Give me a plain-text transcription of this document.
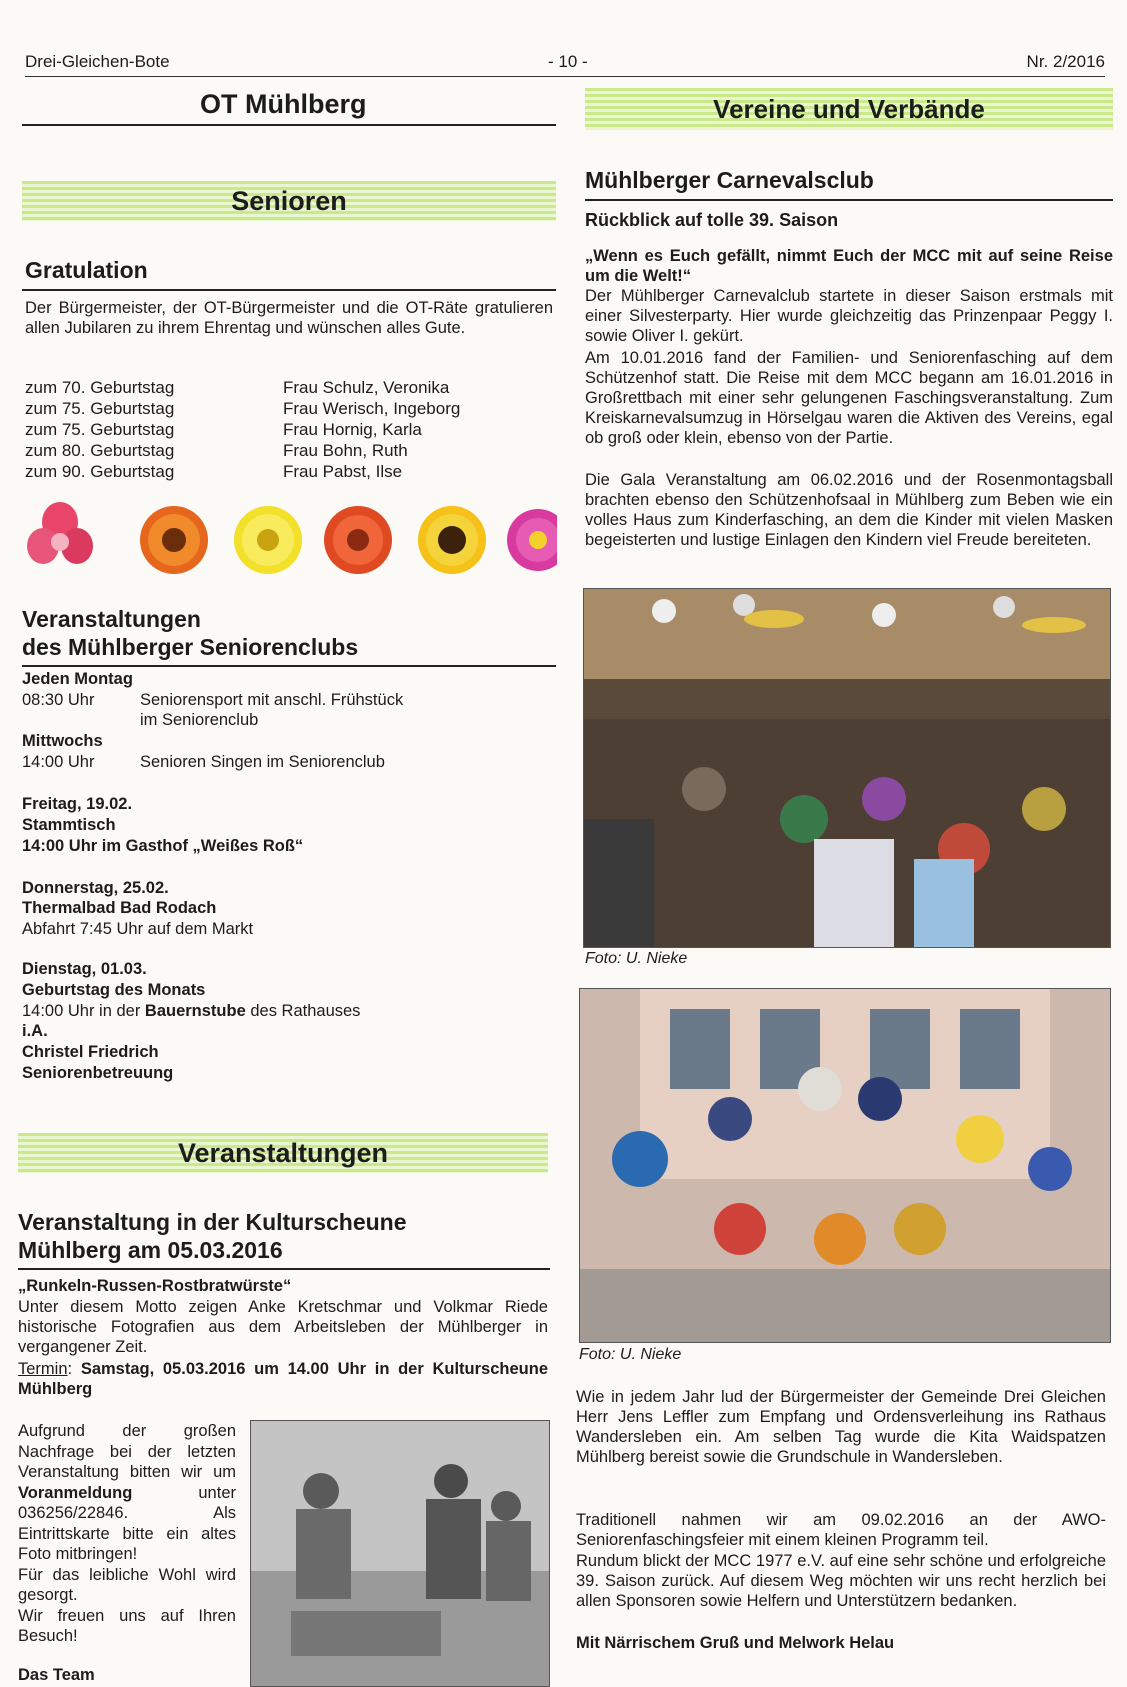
Drei-Gleichen-Bote	- 10 -	Nr. 2/2016
OT Mühlberg
Senioren
Gratulation
Der Bürgermeister, der OT-Bürgermeister und die OT-Räte gratulieren allen Jubilaren zu ihrem Ehrentag und wünschen alles Gute.
zum 70. Geburtstag	Frau Schulz, Veronika
zum 75. Geburtstag	Frau Werisch, Ingeborg
zum 75. Geburtstag	Frau Hornig, Karla
zum 80. Geburtstag	Frau Bohn, Ruth
zum 90. Geburtstag	Frau Pabst, Ilse
Veranstaltungen
des Mühlberger Seniorenclubs
Jeden Montag
08:30 Uhr	Seniorensport mit anschl. Frühstück
im Seniorenclub
Mittwochs
14:00 Uhr	Senioren Singen im Seniorenclub
Freitag, 19.02.
Stammtisch
14:00 Uhr im Gasthof „Weißes Roß“
Donnerstag, 25.02.
Thermalbad Bad Rodach
Abfahrt 7:45 Uhr auf dem Markt
Dienstag, 01.03.
Geburtstag des Monats
14:00 Uhr in der Bauernstube des Rathauses
i.A.
Christel Friedrich
Seniorenbetreuung
Veranstaltungen
Veranstaltung in der Kulturscheune
Mühlberg am 05.03.2016
„Runkeln-Russen-Rostbratwürste“
Unter diesem Motto zeigen Anke Kretschmar und Volkmar Riede historische Fotografien aus dem Arbeitsleben der Mühlberger in vergangener Zeit.
Termin: Samstag, 05.03.2016 um 14.00 Uhr in der Kulturscheune Mühlberg
Aufgrund der großen Nachfrage bei der letzten Veranstaltung bitten wir um Voranmeldung unter 036256/22846. Als Eintrittskarte bitte ein altes Foto mitbringen!
Für das leibliche Wohl wird gesorgt.
Wir freuen uns auf Ihren Besuch!
Das Team
Vereine und Verbände
Mühlberger Carnevalsclub
Rückblick auf tolle 39. Saison
„Wenn es Euch gefällt, nimmt Euch der MCC mit auf seine Reise um die Welt!“
Der Mühlberger Carnevalclub startete in dieser Saison erstmals mit einer Silvesterparty. Hier wurde gleichzeitig das Prinzenpaar Peggy I. sowie Oliver I. gekürt.
Am 10.01.2016 fand der Familien- und Seniorenfasching auf dem Schützenhof statt. Die Reise mit dem MCC begann am 16.01.2016 in Großrettbach mit einer sehr gelungenen Faschingsveranstaltung. Zum Kreiskarnevalsumzug in Hörselgau waren die Aktiven des Vereins, egal ob groß oder klein, ebenso von der Partie.
Die Gala Veranstaltung am 06.02.2016 und der Rosenmontagsball brachten ebenso den Schützenhofsaal in Mühlberg zum Beben wie ein volles Haus zum Kinderfasching, an dem die Kinder mit vielen Masken begeisterten und lustige Einlagen den Kindern viel Freude bereiteten.
Foto: U. Nieke
Foto: U. Nieke
Wie in jedem Jahr lud der Bürgermeister der Gemeinde Drei Gleichen Herr Jens Leffler zum Empfang und Ordensverleihung ins Rathaus Wandersleben ein. Am selben Tag wurde die Kita Waidspatzen Mühlberg bereist sowie die Grundschule in Wandersleben.
Traditionell nahmen wir am 09.02.2016 an der AWO-Seniorenfaschingsfeier mit einem kleinen Programm teil.
Rundum blickt der MCC 1977 e.V. auf eine sehr schöne und erfolgreiche 39. Saison zurück. Auf diesem Weg möchten wir uns recht herzlich bei allen Sponsoren sowie Helfern und Unterstützern bedanken.
Mit Närrischem Gruß und Melwork Helau
